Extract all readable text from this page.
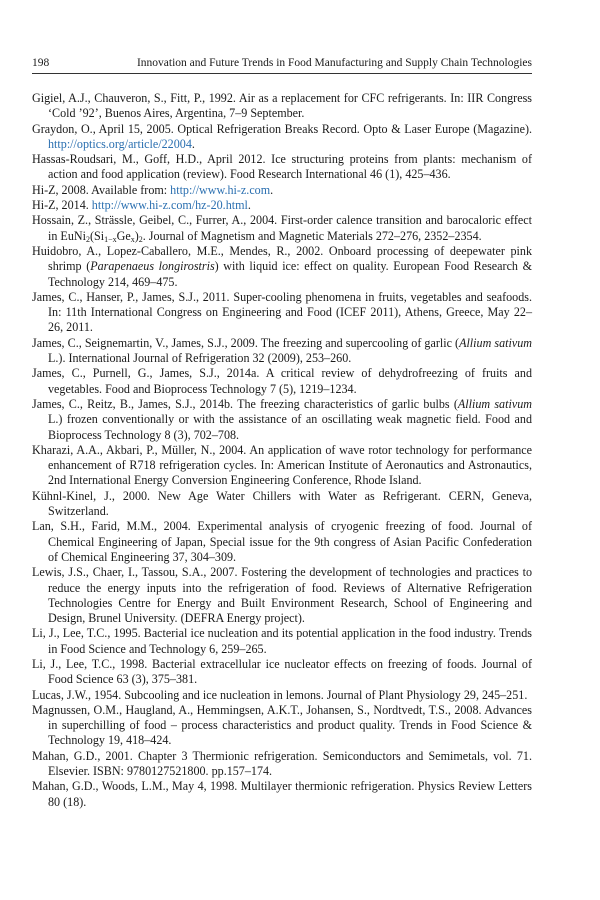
198	Innovation and Future Trends in Food Manufacturing and Supply Chain Technologies

Gigiel, A.J., Chauveron, S., Fitt, P., 1992. Air as a replacement for CFC refrigerants. In: IIR Congress ‘Cold ’92’, Buenos Aires, Argentina, 7–9 September.

Graydon, O., April 15, 2005. Optical Refrigeration Breaks Record. Opto & Laser Europe (Magazine). http://optics.org/article/22004.

Hassas-Roudsari, M., Goff, H.D., April 2012. Ice structuring proteins from plants: mechanism of action and food application (review). Food Research International 46 (1), 425–436.

Hi-Z, 2008. Available from: http://www.hi-z.com.

Hi-Z, 2014. http://www.hi-z.com/hz-20.html.

Hossain, Z., Strässle, Geibel, C., Furrer, A., 2004. First-order calence transition and barocaloric effect in $EuNi_2(Si_{1-x}Ge_x)_2$. Journal of Magnetism and Magnetic Materials 272–276, 2352–2354.

Huidobro, A., Lopez-Caballero, M.E., Mendes, R., 2002. Onboard processing of deepewater pink shrimp (Parapenaeus longirostris) with liquid ice: effect on quality. European Food Research & Technology 214, 469–475.

James, C., Hanser, P., James, S.J., 2011. Super-cooling phenomena in fruits, vegetables and seafoods. In: 11th International Congress on Engineering and Food (ICEF 2011), Athens, Greece, May 22–26, 2011.

James, C., Seignemartin, V., James, S.J., 2009. The freezing and supercooling of garlic (Allium sativum L.). International Journal of Refrigeration 32 (2009), 253–260.

James, C., Purnell, G., James, S.J., 2014a. A critical review of dehydrofreezing of fruits and vegetables. Food and Bioprocess Technology 7 (5), 1219–1234.

James, C., Reitz, B., James, S.J., 2014b. The freezing characteristics of garlic bulbs (Allium sativum L.) frozen conventionally or with the assistance of an oscillating weak magnetic field. Food and Bioprocess Technology 8 (3), 702–708.

Kharazi, A.A., Akbari, P., Müller, N., 2004. An application of wave rotor technology for performance enhancement of R718 refrigeration cycles. In: American Institute of Aeronautics and Astronautics, 2nd International Energy Conversion Engineering Conference, Rhode Island.

Kühnl-Kinel, J., 2000. New Age Water Chillers with Water as Refrigerant. CERN, Geneva, Switzerland.

Lan, S.H., Farid, M.M., 2004. Experimental analysis of cryogenic freezing of food. Journal of Chemical Engineering of Japan, Special issue for the 9th congress of Asian Pacific Confederation of Chemical Engineering 37, 304–309.

Lewis, J.S., Chaer, I., Tassou, S.A., 2007. Fostering the development of technologies and practices to reduce the energy inputs into the refrigeration of food. Reviews of Alternative Refrigeration Technologies Centre for Energy and Built Environment Research, School of Engineering and Design, Brunel University. (DEFRA Energy project).

Li, J., Lee, T.C., 1995. Bacterial ice nucleation and its potential application in the food industry. Trends in Food Science and Technology 6, 259–265.

Li, J., Lee, T.C., 1998. Bacterial extracellular ice nucleator effects on freezing of foods. Journal of Food Science 63 (3), 375–381.

Lucas, J.W., 1954. Subcooling and ice nucleation in lemons. Journal of Plant Physiology 29, 245–251.

Magnussen, O.M., Haugland, A., Hemmingsen, A.K.T., Johansen, S., Nordtvedt, T.S., 2008. Advances in superchilling of food – process characteristics and product quality. Trends in Food Science & Technology 19, 418–424.

Mahan, G.D., 2001. Chapter 3 Thermionic refrigeration. Semiconductors and Semimetals, vol. 71. Elsevier. ISBN: 9780127521800. pp.157–174.

Mahan, G.D., Woods, L.M., May 4, 1998. Multilayer thermionic refrigeration. Physics Review Letters 80 (18).
